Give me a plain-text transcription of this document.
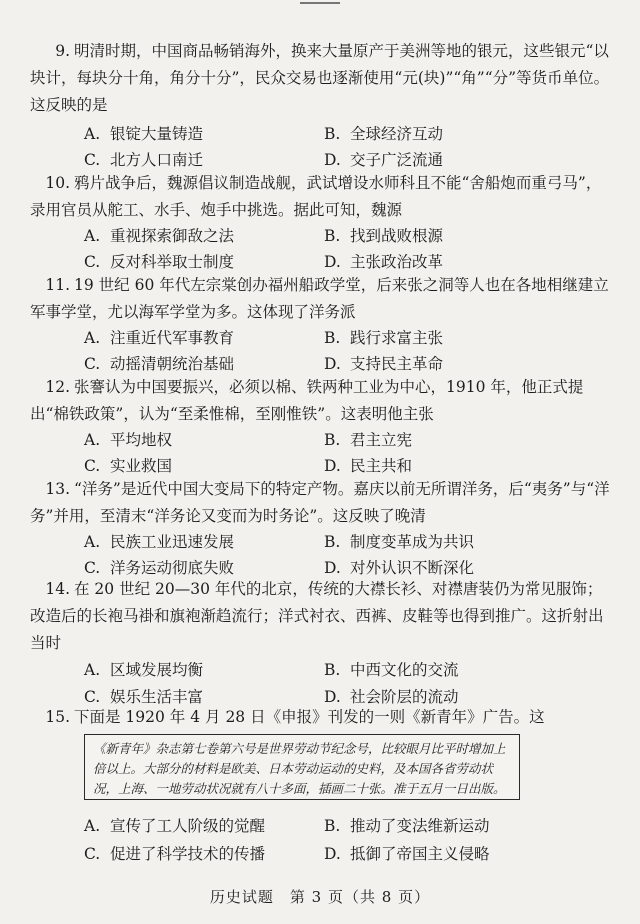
9. 明清时期，中国商品畅销海外，换来大量原产于美洲等地的银元，这些银元“以块计，每块分十角，角分十分”，民众交易也逐渐使用“元(块)”“角”“分”等货币单位。这反映的是
A. 银锭大量铸造	B. 全球经济互动
C. 北方人口南迁	D. 交子广泛流通
10. 鸦片战争后，魏源倡议制造战舰，武试增设水师科且不能“舍船炮而重弓马”，录用官员从舵工、水手、炮手中挑选。据此可知，魏源
A. 重视探索御敌之法	B. 找到战败根源
C. 反对科举取士制度	D. 主张政治改革
11. 19 世纪 60 年代左宗棠创办福州船政学堂，后来张之洞等人也在各地相继建立军事学堂，尤以海军学堂为多。这体现了洋务派
A. 注重近代军事教育	B. 践行求富主张
C. 动摇清朝统治基础	D. 支持民主革命
12. 张謇认为中国要振兴，必须以棉、铁两种工业为中心，1910 年，他正式提出“棉铁政策”，认为“至柔惟棉，至刚惟铁”。这表明他主张
A. 平均地权	B. 君主立宪
C. 实业救国	D. 民主共和
13. “洋务”是近代中国大变局下的特定产物。嘉庆以前无所谓洋务，后“夷务”与“洋务”并用，至清末“洋务论又变而为时务论”。这反映了晚清
A. 民族工业迅速发展	B. 制度变革成为共识
C. 洋务运动彻底失败	D. 对外认识不断深化
14. 在 20 世纪 20—30 年代的北京，传统的大襟长衫、对襟唐装仍为常见服饰；改造后的长袍马褂和旗袍渐趋流行；洋式衬衣、西裤、皮鞋等也得到推广。这折射出当时
A. 区域发展均衡	B. 中西文化的交流
C. 娱乐生活丰富	D. 社会阶层的流动
15. 下面是 1920 年 4 月 28 日《申报》刊发的一则《新青年》广告。这
《新青年》杂志第七卷第六号是世界劳动节纪念号，比较眼月比平时增加上倍以上。大部分的材料是欧美、日本劳动运动的史料，及本国各省劳动状况，上海、一地劳动状况就有八十多面，插画二十张。准于五月一日出版。
A. 宣传了工人阶级的觉醒	B. 推动了变法维新运动
C. 促进了科学技术的传播	D. 抵御了帝国主义侵略
历史试题　第 3 页（共 8 页）
